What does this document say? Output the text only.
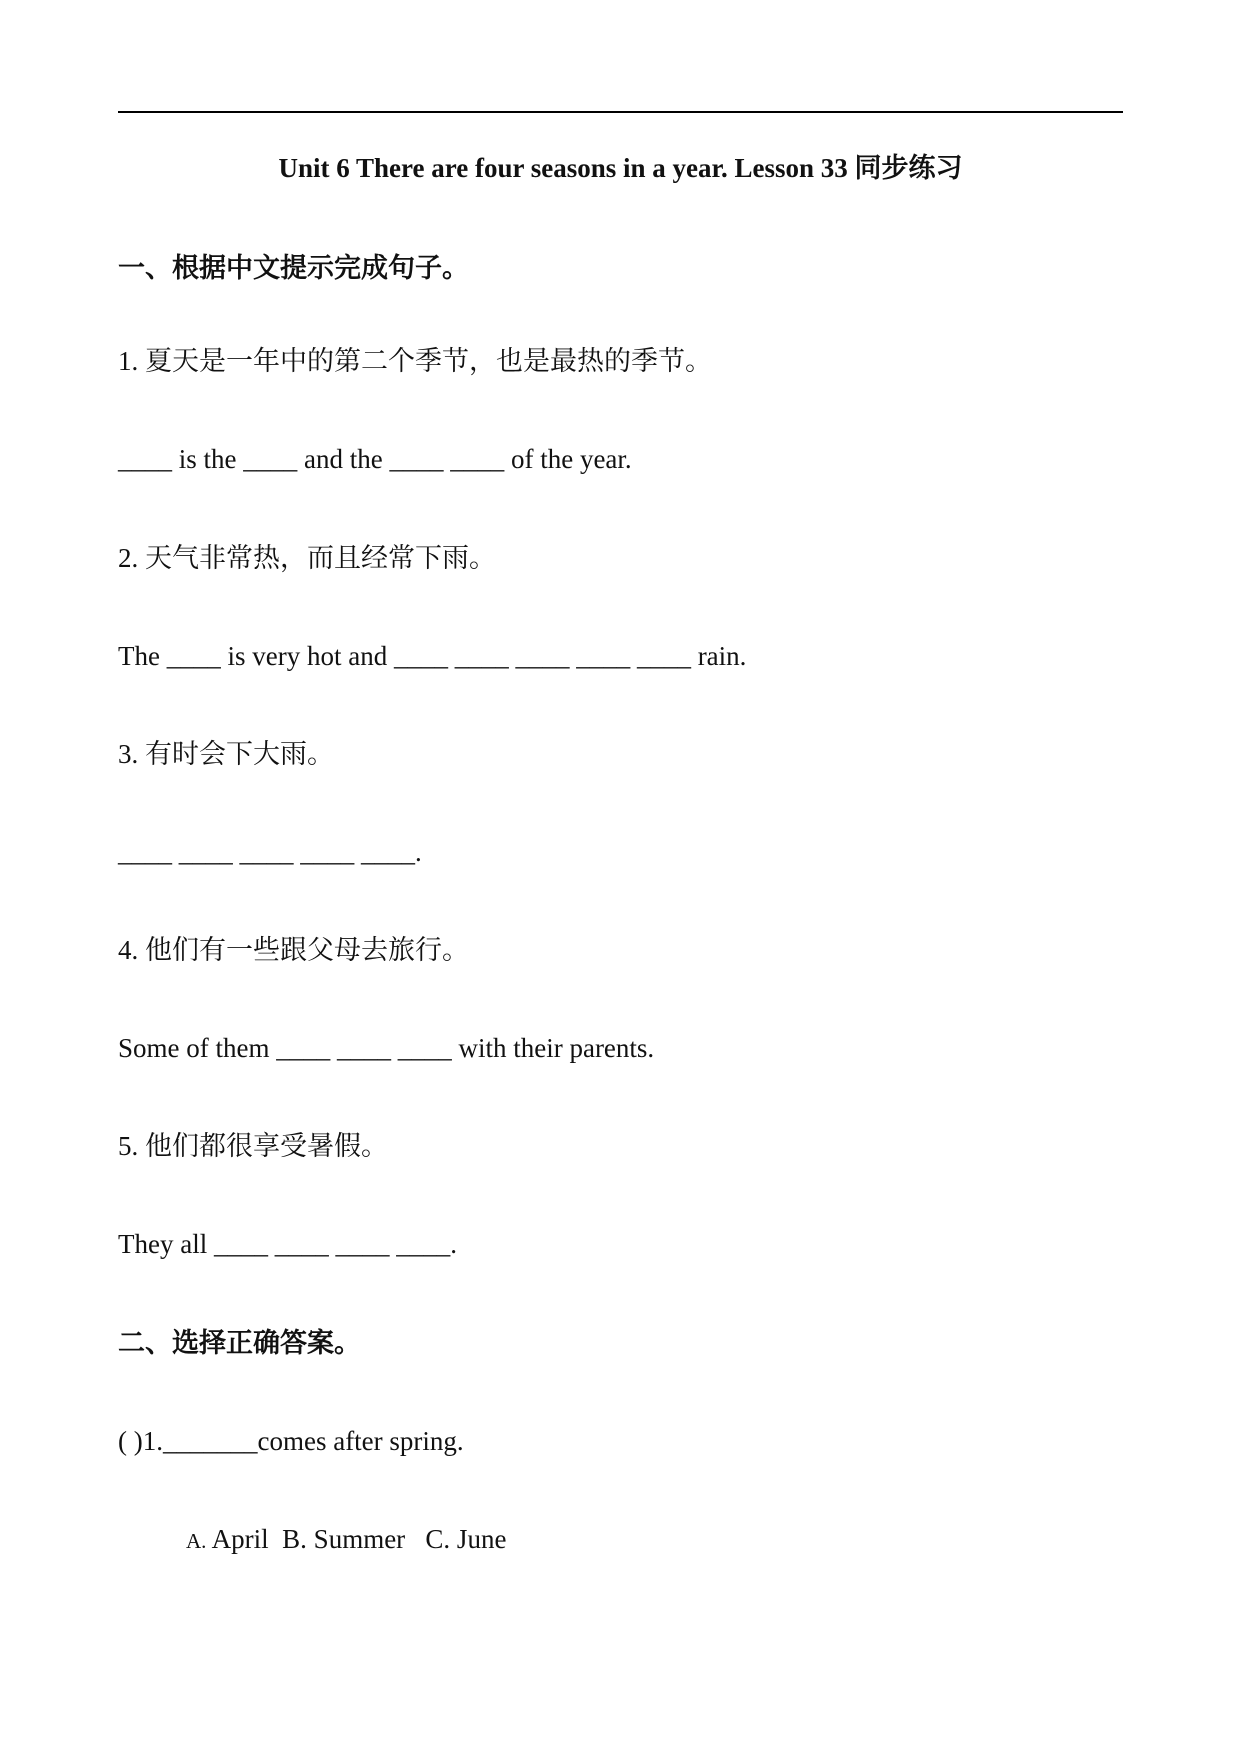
Unit 6 There are four seasons in a year. Lesson 33 同步练习
一、根据中文提示完成句子。
1. 夏天是一年中的第二个季节，也是最热的季节。
____ is the ____ and the ____ ____ of the year.
2. 天气非常热，而且经常下雨。
The ____ is very hot and ____ ____ ____ ____ ____ rain.
3. 有时会下大雨。
____ ____ ____ ____ ____.
4. 他们有一些跟父母去旅行。
Some of them ____ ____ ____ with their parents.
5. 他们都很享受暑假。
They all ____ ____ ____ ____.
二、选择正确答案。
( )1._______comes after spring.
A. April  B. Summer   C. June
